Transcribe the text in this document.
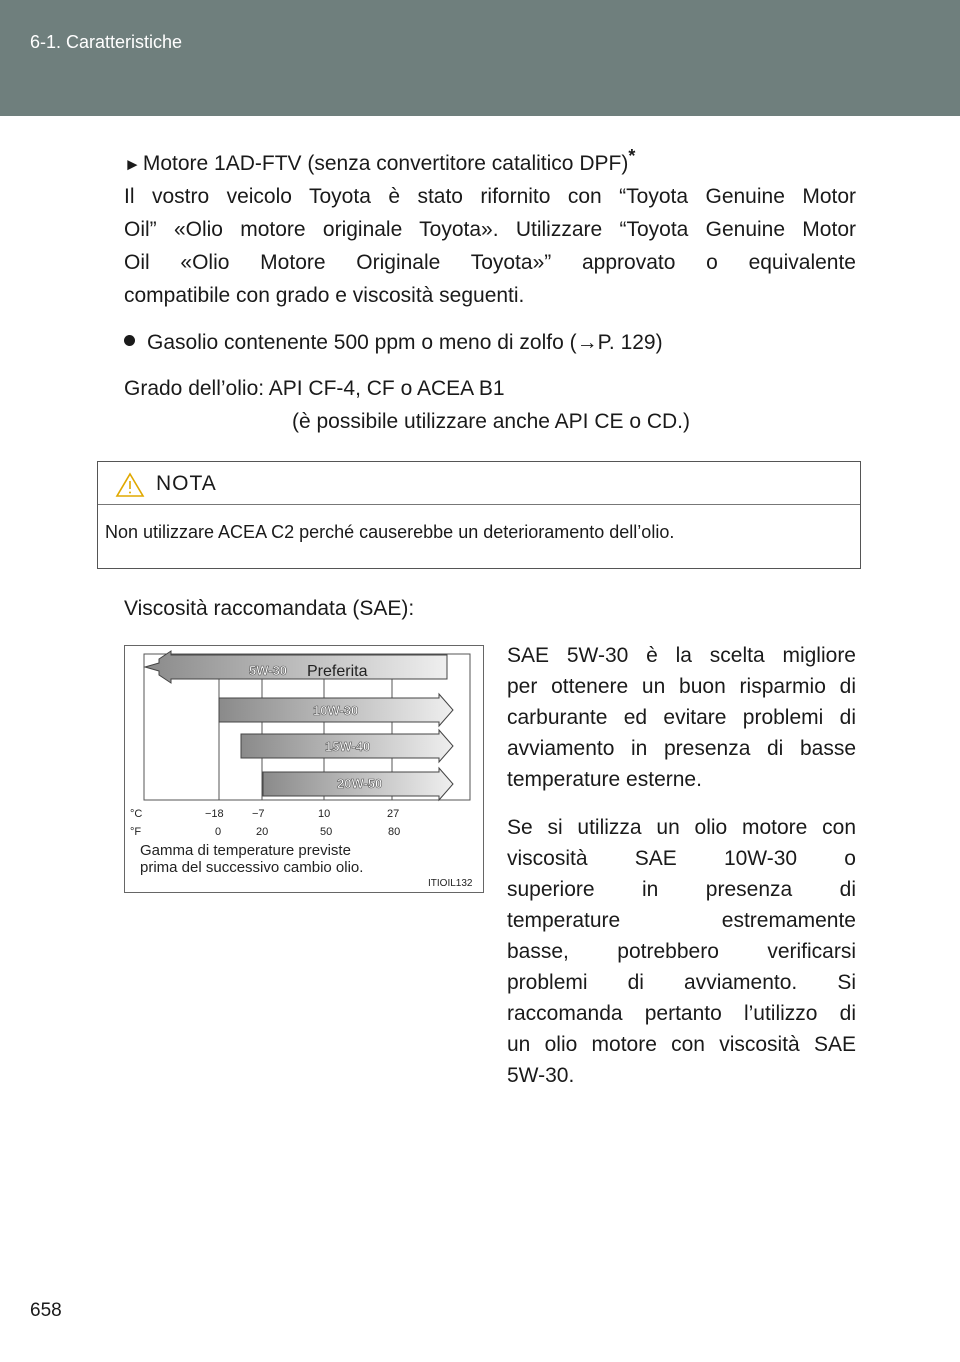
6-1. Caratteristiche
►Motore 1AD-FTV (senza convertitore catalitico DPF)*
Il vostro veicolo Toyota è stato rifornito con “Toyota Genuine Motor
Oil” «Olio motore originale Toyota». Utilizzare “Toyota Genuine Motor
Oil «Olio Motore Originale Toyota»” approvato o equivalente
compatibile con grado e viscosità seguenti.
Gasolio contenente 500 ppm o meno di zolfo (→P. 129)
Grado dell’olio: API CF-4, CF o ACEA B1
(è possibile utilizzare anche API CE o CD.)
NOTA
Non utilizzare ACEA C2 perché causerebbe un deterioramento dell’olio.
Viscosità raccomandata (SAE):
5W-30 Preferita
10W-30
15W-40
20W-50
°C	−18	−7	10	27
°F	0	20	50	80
Gamma di temperature previste
prima del successivo cambio olio.
ITIOIL132
SAE 5W-30 è la scelta migliore
per ottenere un buon risparmio di
carburante ed evitare problemi di
avviamento in presenza di basse
temperature esterne.
Se si utilizza un olio motore con
viscosità SAE 10W-30 o
superiore in presenza di
temperature estremamente
basse, potrebbero verificarsi
problemi di avviamento. Si
raccomanda pertanto l’utilizzo di
un olio motore con viscosità SAE
5W-30.
658
